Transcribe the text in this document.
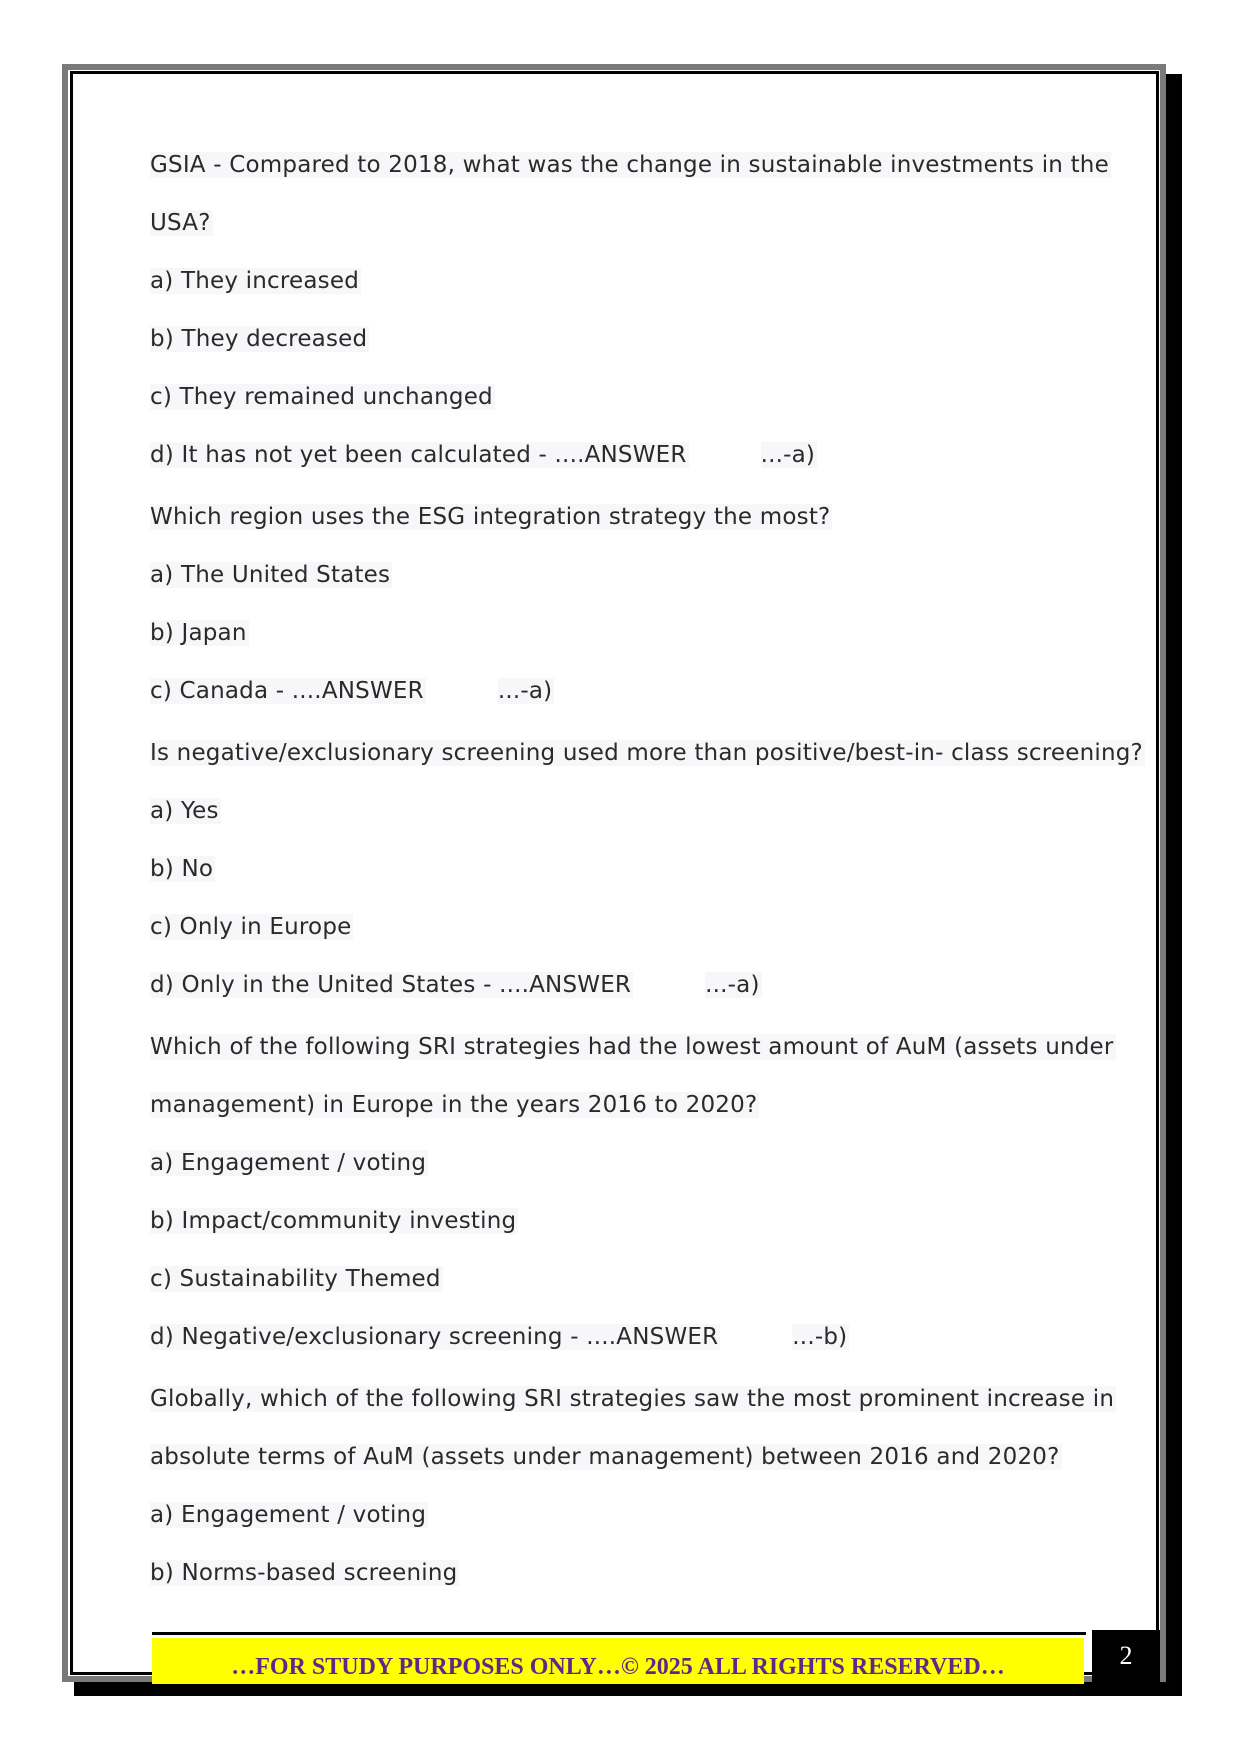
GSIA - Compared to 2018, what was the change in sustainable investments in the
USA?
a) They increased
b) They decreased
c) They remained unchanged
d) It has not yet been calculated - ....ANSWER	...-a)
Which region uses the ESG integration strategy the most?
a) The United States
b) Japan
c) Canada - ....ANSWER	...-a)
Is negative/exclusionary screening used more than positive/best-in- class screening?
a) Yes
b) No
c) Only in Europe
d) Only in the United States - ....ANSWER	...-a)
Which of the following SRI strategies had the lowest amount of AuM (assets under
management) in Europe in the years 2016 to 2020?
a) Engagement / voting
b) Impact/community investing
c) Sustainability Themed
d) Negative/exclusionary screening - ....ANSWER	...-b)
Globally, which of the following SRI strategies saw the most prominent increase in
absolute terms of AuM (assets under management) between 2016 and 2020?
a) Engagement / voting
b) Norms-based screening
…FOR STUDY PURPOSES ONLY…© 2025 ALL RIGHTS RESERVED…	2
